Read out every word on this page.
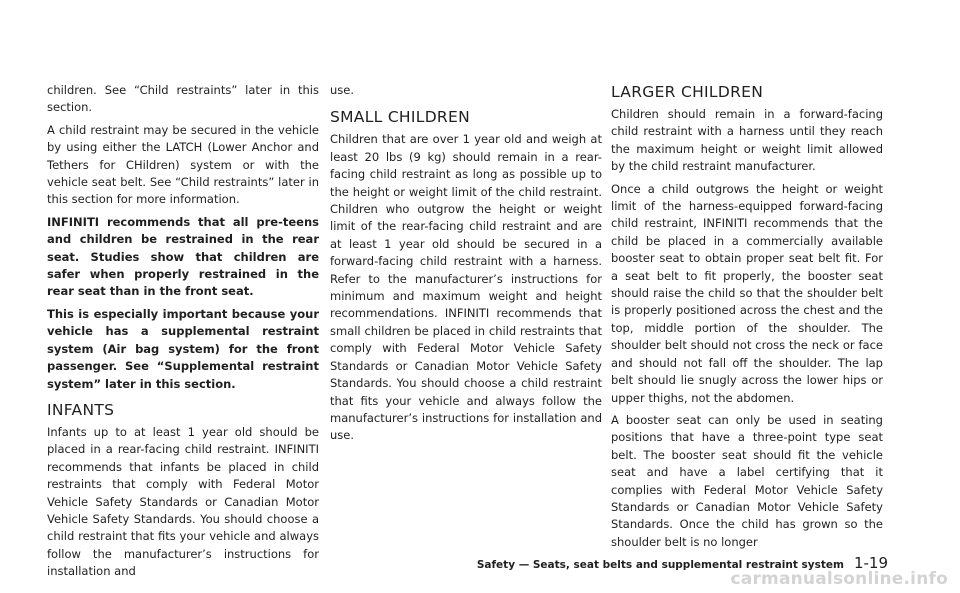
children. See “Child restraints” later in this section.

A child restraint may be secured in the vehicle by using either the LATCH (Lower Anchor and Tethers for CHildren) system or with the vehicle seat belt. See “Child restraints” later in this section for more information.

INFINITI recommends that all pre-teens and children be restrained in the rear seat. Studies show that children are safer when properly restrained in the rear seat than in the front seat.

This is especially important because your vehicle has a supplemental restraint system (Air bag system) for the front passenger. See “Supplemental restraint system” later in this section.

INFANTS

Infants up to at least 1 year old should be placed in a rear-facing child restraint. INFINITI recommends that infants be placed in child restraints that comply with Federal Motor Vehicle Safety Standards or Canadian Motor Vehicle Safety Standards. You should choose a child restraint that fits your vehicle and always follow the manufacturer’s instructions for installation and

use.

SMALL CHILDREN

Children that are over 1 year old and weigh at least 20 lbs (9 kg) should remain in a rear-facing child restraint as long as possible up to the height or weight limit of the child restraint. Children who outgrow the height or weight limit of the rear-facing child restraint and are at least 1 year old should be secured in a forward-facing child restraint with a harness. Refer to the manufacturer’s instructions for minimum and maximum weight and height recommendations. INFINITI recommends that small children be placed in child restraints that comply with Federal Motor Vehicle Safety Standards or Canadian Motor Vehicle Safety Standards. You should choose a child restraint that fits your vehicle and always follow the manufacturer’s instructions for installation and use.

LARGER CHILDREN

Children should remain in a forward-facing child restraint with a harness until they reach the maximum height or weight limit allowed by the child restraint manufacturer.

Once a child outgrows the height or weight limit of the harness-equipped forward-facing child restraint, INFINITI recommends that the child be placed in a commercially available booster seat to obtain proper seat belt fit. For a seat belt to fit properly, the booster seat should raise the child so that the shoulder belt is properly positioned across the chest and the top, middle portion of the shoulder. The shoulder belt should not cross the neck or face and should not fall off the shoulder. The lap belt should lie snugly across the lower hips or upper thighs, not the abdomen.

A booster seat can only be used in seating positions that have a three-point type seat belt. The booster seat should fit the vehicle seat and have a label certifying that it complies with Federal Motor Vehicle Safety Standards or Canadian Motor Vehicle Safety Standards. Once the child has grown so the shoulder belt is no longer

Safety — Seats, seat belts and supplemental restraint system 1-19
carmanualsonline.info
